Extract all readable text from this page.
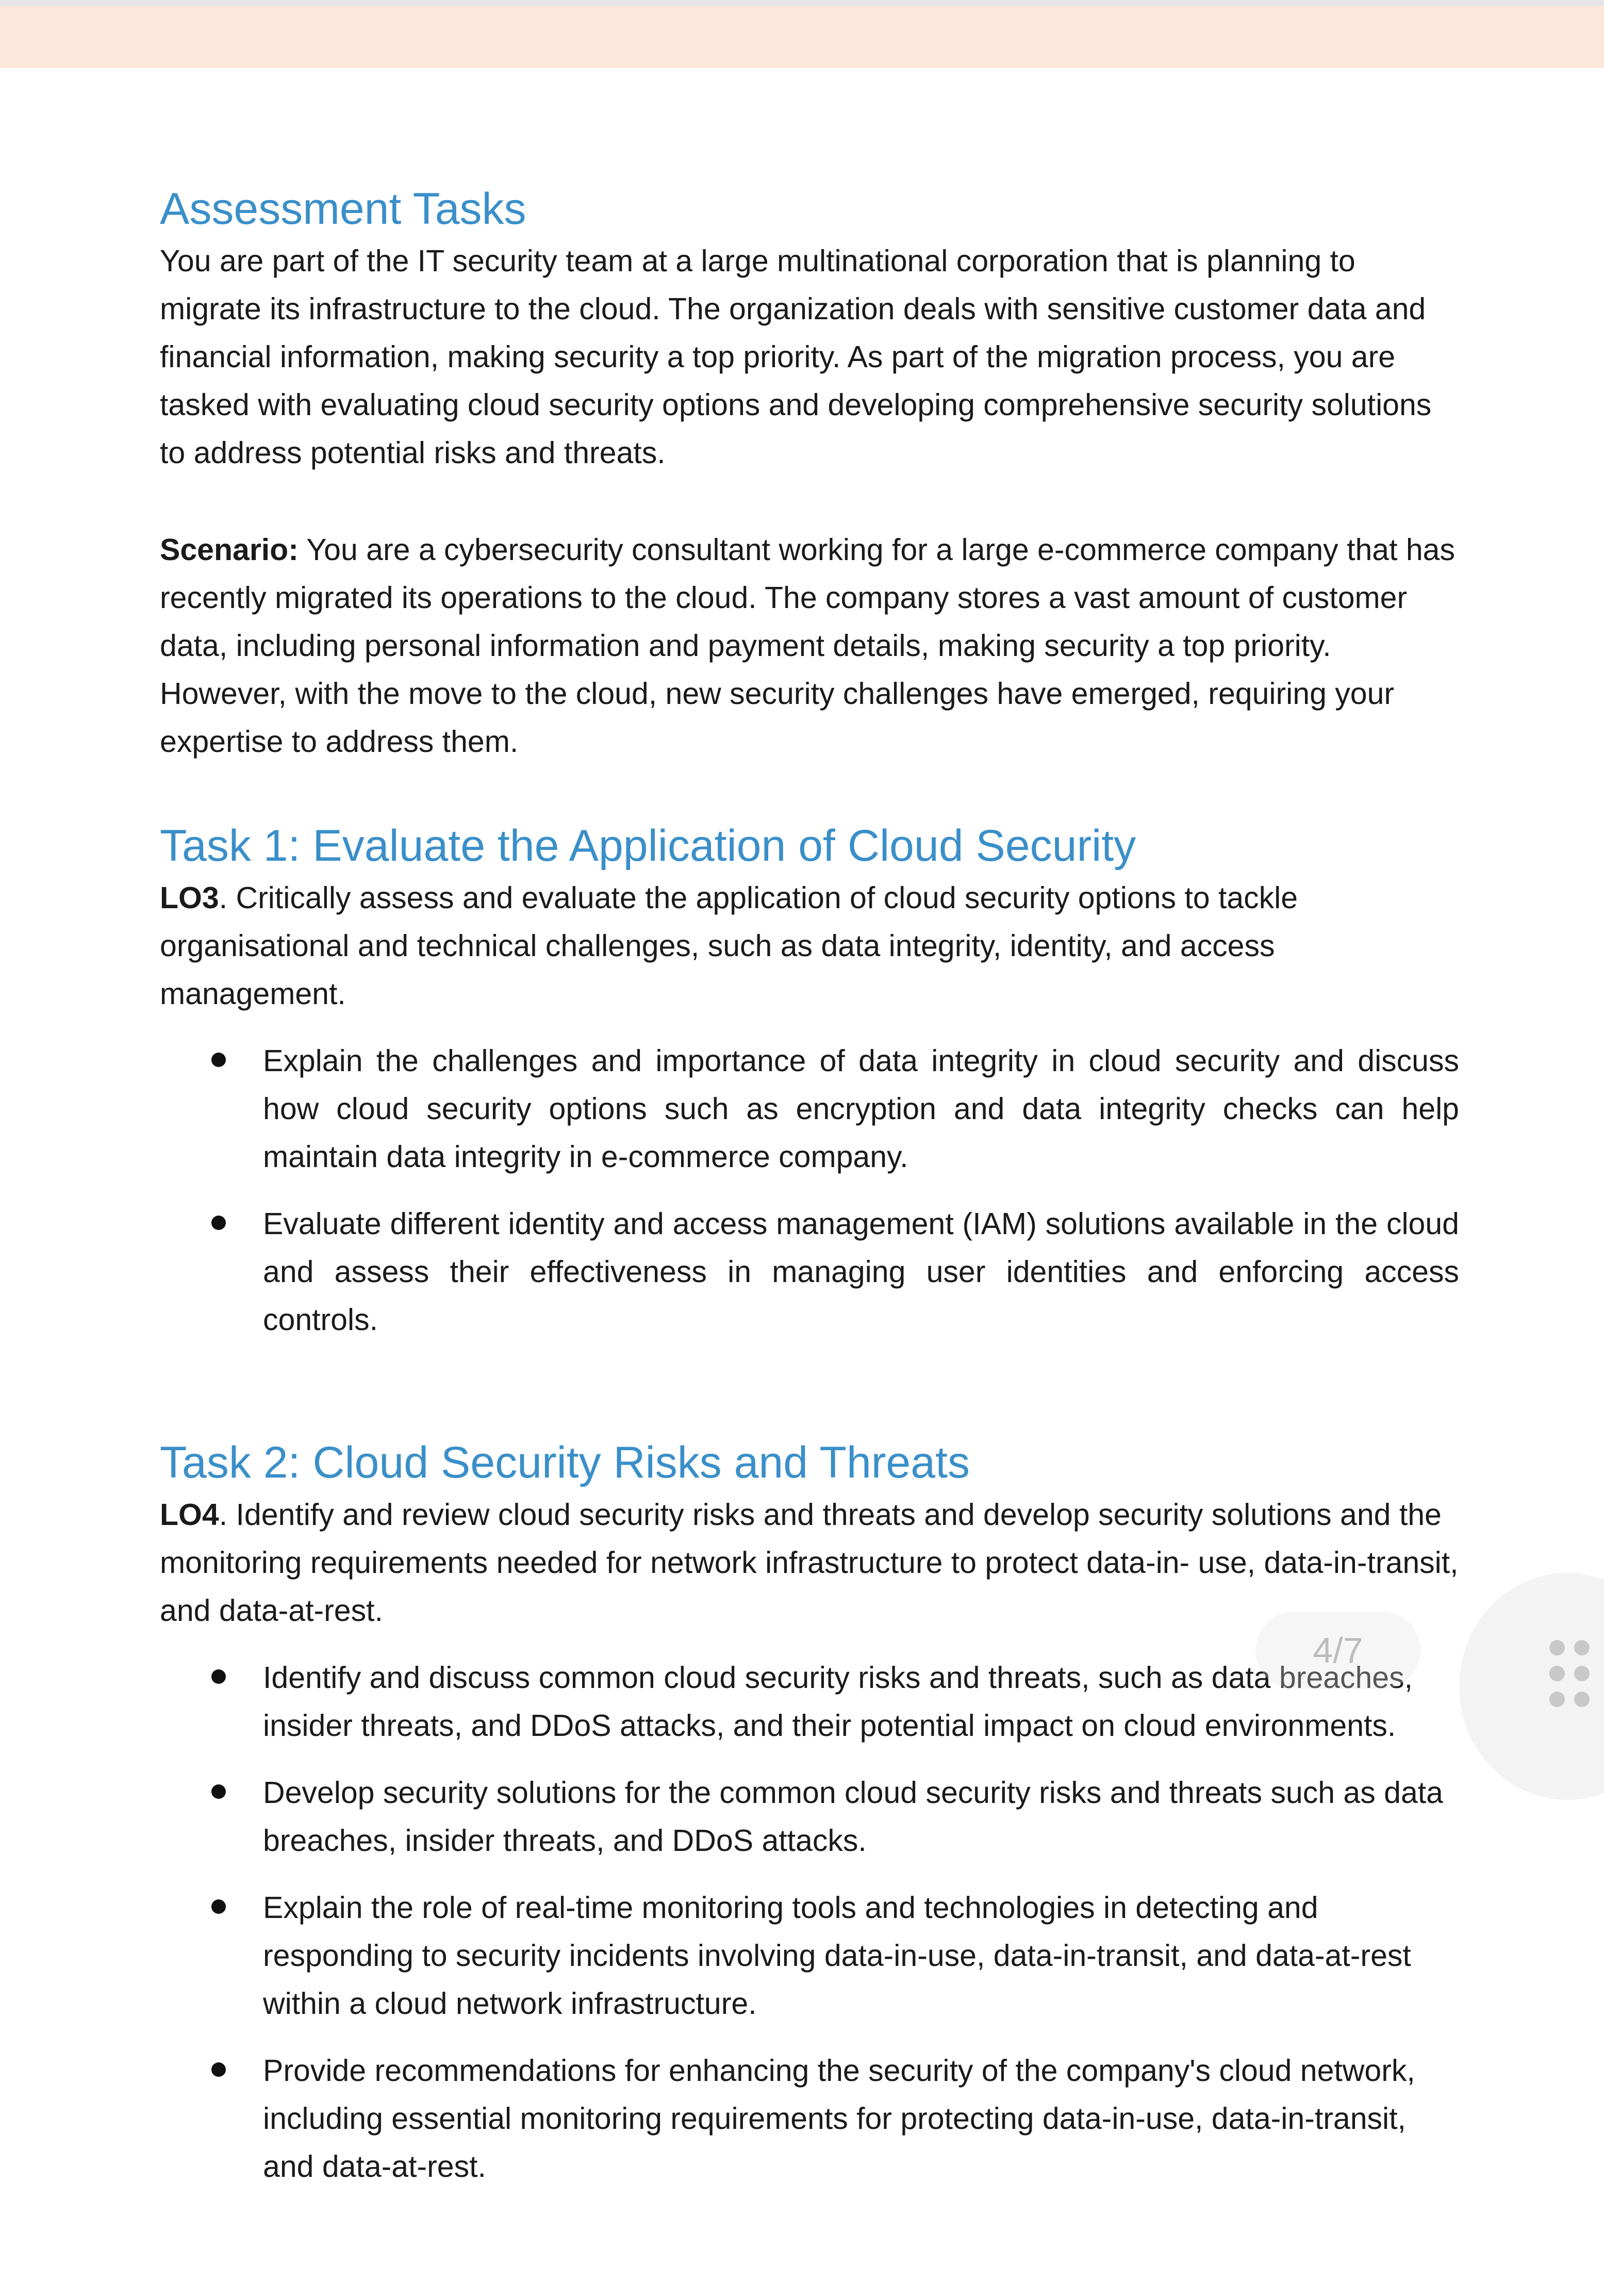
Assessment Tasks

You are part of the IT security team at a large multinational corporation that is planning to migrate its infrastructure to the cloud. The organization deals with sensitive customer data and financial information, making security a top priority. As part of the migration process, you are tasked with evaluating cloud security options and developing comprehensive security solutions to address potential risks and threats.

Scenario: You are a cybersecurity consultant working for a large e-commerce company that has recently migrated its operations to the cloud. The company stores a vast amount of customer data, including personal information and payment details, making security a top priority. However, with the move to the cloud, new security challenges have emerged, requiring your expertise to address them.

Task 1: Evaluate the Application of Cloud Security

LO3. Critically assess and evaluate the application of cloud security options to tackle organisational and technical challenges, such as data integrity, identity, and access management.

Explain the challenges and importance of data integrity in cloud security and discuss how cloud security options such as encryption and data integrity checks can help maintain data integrity in e-commerce company.
Evaluate different identity and access management (IAM) solutions available in the cloud and assess their effectiveness in managing user identities and enforcing access controls.
Task 2: Cloud Security Risks and Threats

LO4. Identify and review cloud security risks and threats and develop security solutions and the monitoring requirements needed for network infrastructure to protect data-in- use, data-in-transit, and data-at-rest.

Identify and discuss common cloud security risks and threats, such as data breaches, insider threats, and DDoS attacks, and their potential impact on cloud environments.
Develop security solutions for the common cloud security risks and threats such as data breaches, insider threats, and DDoS attacks.
Explain the role of real-time monitoring tools and technologies in detecting and responding to security incidents involving data-in-use, data-in-transit, and data-at-rest within a cloud network infrastructure.
Provide recommendations for enhancing the security of the company's cloud network, including essential monitoring requirements for protecting data-in-use, data-in-transit, and data-at-rest.
4/7
